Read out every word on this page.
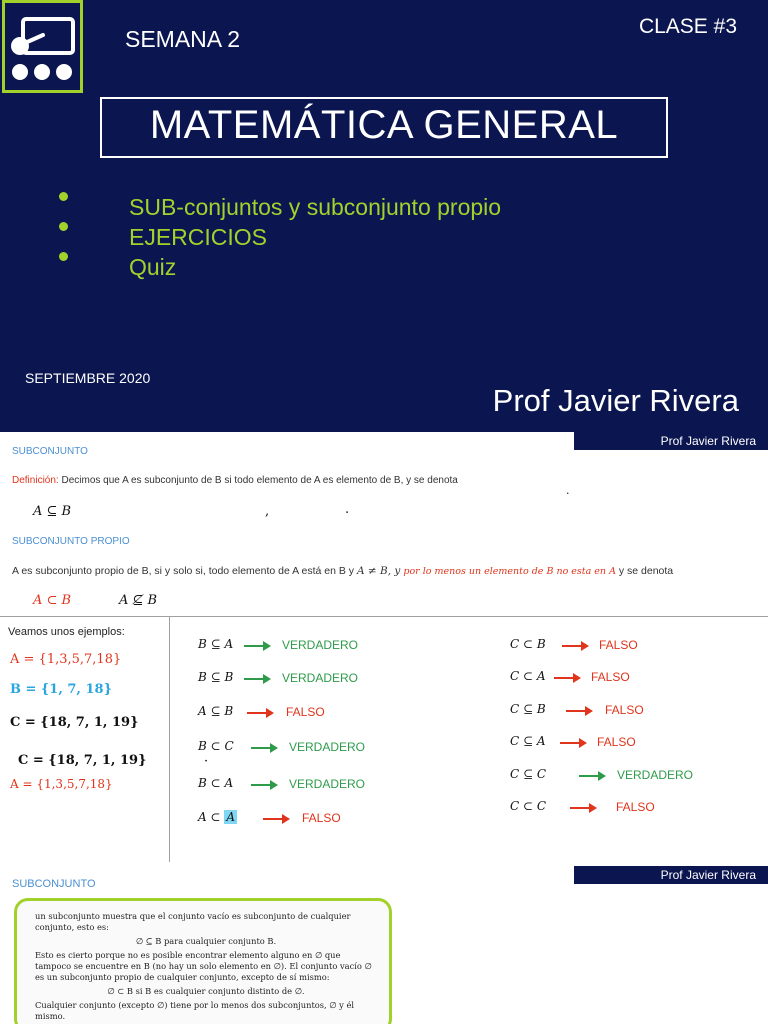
SEMANA 2	CLASE #3
MATEMÁTICA GENERAL
SUB-conjuntos y subconjunto propio
EJERCICIOS
Quiz
SEPTIEMBRE 2020
Prof Javier Rivera
Prof Javier Rivera
SUBCONJUNTO
Definición: Decimos que A es subconjunto de B si todo elemento de A es elemento de B, y se denota
A ⊆ B	,	.
.
SUBCONJUNTO PROPIO
A es subconjunto propio de B, si y solo si, todo elemento de A está en B y A ≠ B, y por lo menos un elemento de B no esta en A y se denota
A ⊂ B	A ⊈ B
Veamos unos ejemplos:
A = {1,3,5,7,18}
B = {1, 7, 18}
C = {18, 7, 1, 19}
C = {18, 7, 1, 19}
A = {1,3,5,7,18}
B ⊆ A	VERDADERO
B ⊆ B	VERDADERO
A ⊆ B	FALSO
B ⊂ C	VERDADERO
B ⊂ A	VERDADERO
A ⊂ A	FALSO
C ⊂ B	FALSO
C ⊂ A	FALSO
C ⊆ B	FALSO
C ⊆ A	FALSO
C ⊆ C	VERDADERO
C ⊂ C	FALSO
·
Prof Javier Rivera
SUBCONJUNTO
un subconjunto muestra que el conjunto vacío es subconjunto de cualquier conjunto, esto es:
∅ ⊆ B para cualquier conjunto B.
Esto es cierto porque no es posible encontrar elemento alguno en ∅ que tampoco se encuentre en B (no hay un solo elemento en ∅). El conjunto vacío ∅ es un subconjunto propio de cualquier conjunto, excepto de sí mismo:
∅ ⊂ B si B es cualquier conjunto distinto de ∅.
Cualquier conjunto (excepto ∅) tiene por lo menos dos subconjuntos, ∅ y él mismo.
